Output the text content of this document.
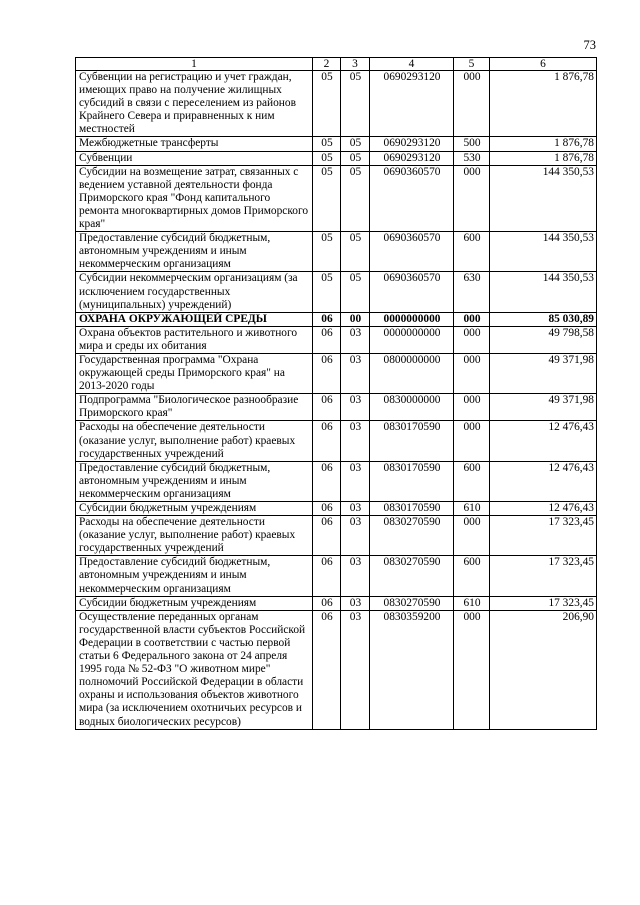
73
1	2	3	4	5	6
Субвенции на регистрацию и учет граждан, имеющих право на получение жилищных субсидий в связи с переселением из районов Крайнего Севера и приравненных к ним местностей	05	05	0690293120	000	1 876,78
Межбюджетные трансферты	05	05	0690293120	500	1 876,78
Субвенции	05	05	0690293120	530	1 876,78
Субсидии на возмещение затрат, связанных с ведением уставной деятельности фонда Приморского края "Фонд капитального ремонта многоквартирных домов Приморского края"	05	05	0690360570	000	144 350,53
Предоставление субсидий бюджетным, автономным учреждениям и иным некоммерческим организациям	05	05	0690360570	600	144 350,53
Субсидии некоммерческим организациям (за исключением государственных (муниципальных) учреждений)	05	05	0690360570	630	144 350,53
ОХРАНА ОКРУЖАЮЩЕЙ СРЕДЫ	06	00	0000000000	000	85 030,89
Охрана объектов растительного и животного мира и среды их обитания	06	03	0000000000	000	49 798,58
Государственная программа "Охрана окружающей среды Приморского края" на 2013-2020 годы	06	03	0800000000	000	49 371,98
Подпрограмма "Биологическое разнообразие Приморского края"	06	03	0830000000	000	49 371,98
Расходы на обеспечение деятельности (оказание услуг, выполнение работ) краевых государственных учреждений	06	03	0830170590	000	12 476,43
Предоставление субсидий бюджетным, автономным учреждениям и иным некоммерческим организациям	06	03	0830170590	600	12 476,43
Субсидии бюджетным учреждениям	06	03	0830170590	610	12 476,43
Расходы на обеспечение деятельности (оказание услуг, выполнение работ) краевых государственных учреждений	06	03	0830270590	000	17 323,45
Предоставление субсидий бюджетным, автономным учреждениям и иным некоммерческим организациям	06	03	0830270590	600	17 323,45
Субсидии бюджетным учреждениям	06	03	0830270590	610	17 323,45
Осуществление переданных органам государственной власти субъектов Российской Федерации в соответствии с частью первой статьи 6 Федерального закона от 24 апреля 1995 года № 52-ФЗ "О животном мире" полномочий Российской Федерации в области охраны и использования объектов животного мира (за исключением охотничьих ресурсов и водных биологических ресурсов)	06	03	0830359200	000	206,90
